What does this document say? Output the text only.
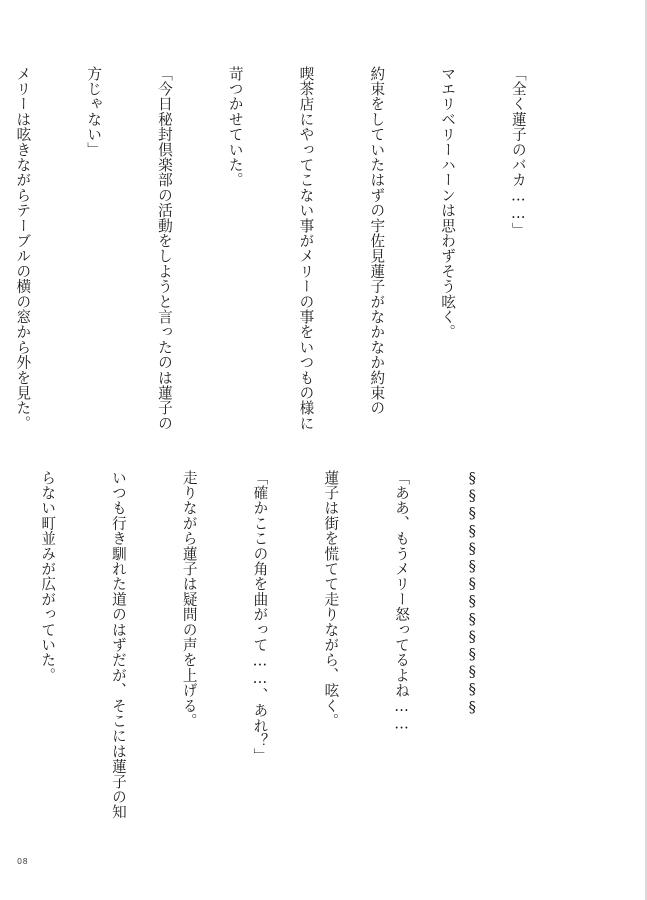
「全く蓮子のバカ……」

マエリベリーハーンは思わずそう呟く。

約束をしていたはずの宇佐見蓮子がなかなか約束の

喫茶店にやってこない事がメリーの事をいつもの様に

苛つかせていた。

「今日秘封倶楽部の活動をしようと言ったのは蓮子の

方じゃない」

メリーは呟きながらテーブルの横の窓から外を見た。

§§§§§§§§§§§§§§

「ああ、もうメリー怒ってるよね……

蓮子は街を慌てて走りながら、呟く。

「確かここの角を曲がって……、あれ？」

走りながら蓮子は疑問の声を上げる。

いつも行き馴れた道のはずだが、そこには蓮子の知

らない町並みが広がっていた。

08
